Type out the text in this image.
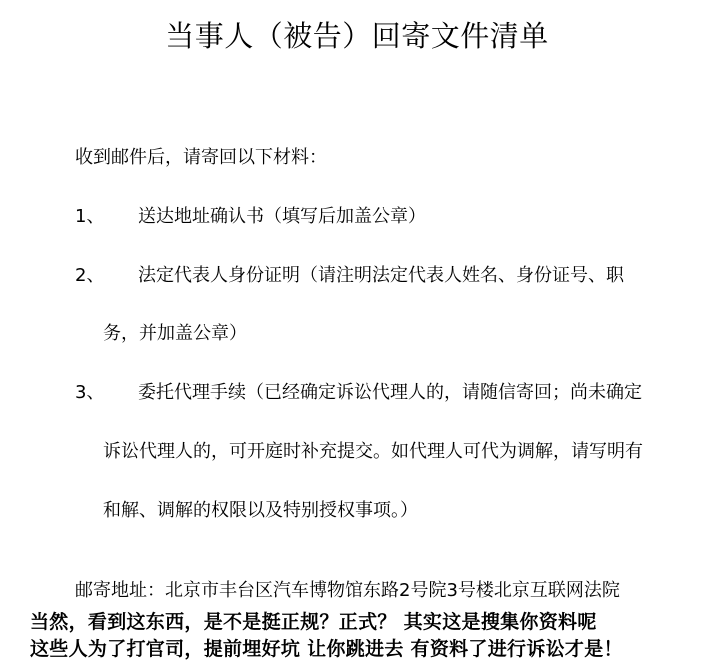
当事人（被告）回寄文件清单
收到邮件后，请寄回以下材料：
1、 送达地址确认书（填写后加盖公章）
2、 法定代表人身份证明（请注明法定代表人姓名、身份证号、职
务，并加盖公章）
3、 委托代理手续（已经确定诉讼代理人的，请随信寄回；尚未确定
诉讼代理人的，可开庭时补充提交。如代理人可代为调解，请写明有
和解、调解的权限以及特别授权事项。）
邮寄地址：北京市丰台区汽车博物馆东路2号院3号楼北京互联网法院
当然，看到这东西，是不是挺正规？正式？ 其实这是搜集你资料呢
这些人为了打官司，提前埋好坑 让你跳进去 有资料了进行诉讼才是！
